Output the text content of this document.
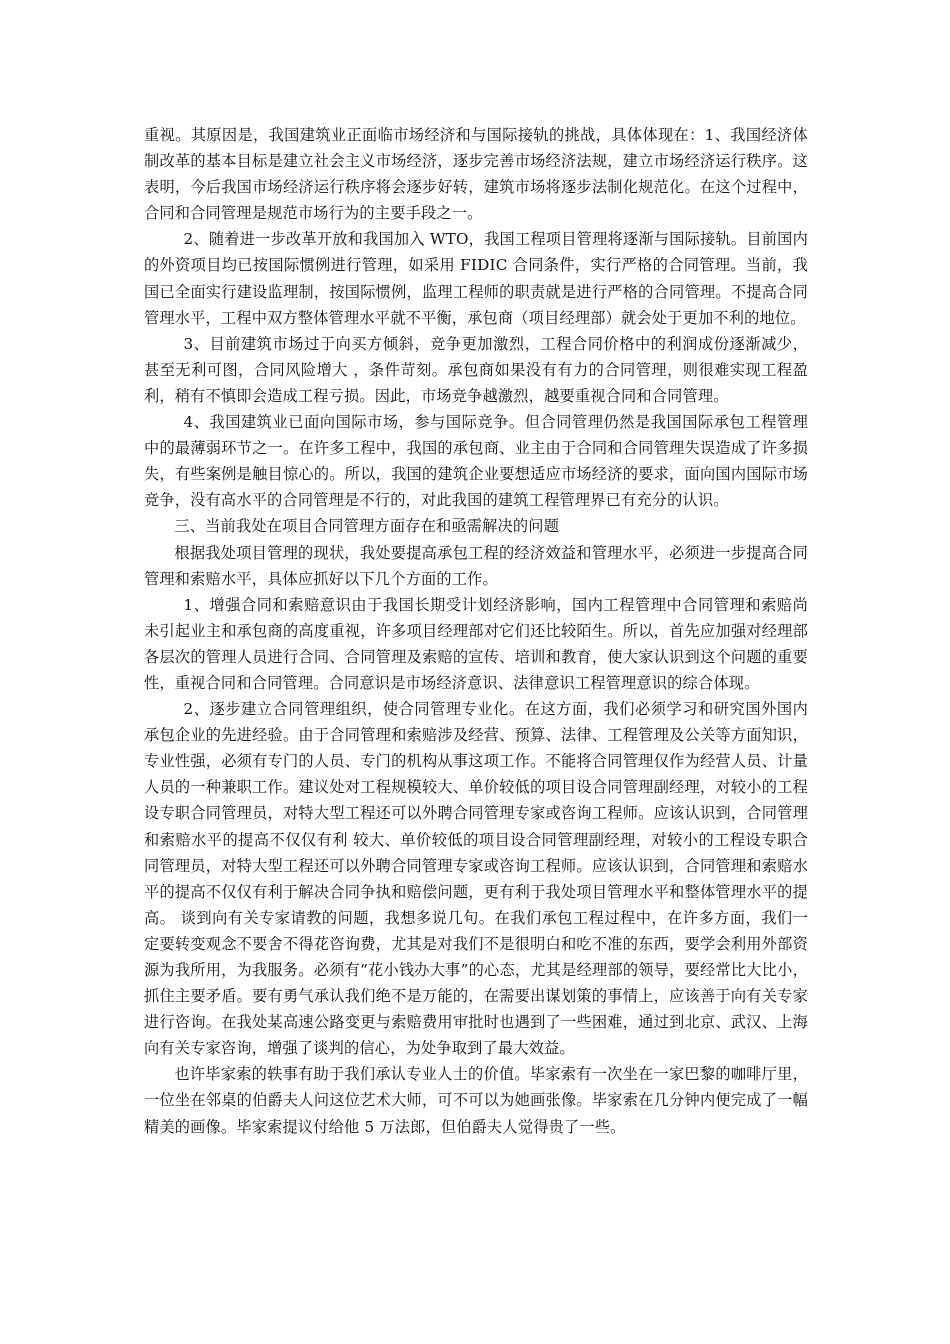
重视。其原因是，我国建筑业正面临市场经济和与国际接轨的挑战，具体体现在：1、我国经济体制改革的基本目标是建立社会主义市场经济，逐步完善市场经济法规，建立市场经济运行秩序。这表明，今后我国市场经济运行秩序将会逐步好转，建筑市场将逐步法制化规范化。在这个过程中，合同和合同管理是规范市场行为的主要手段之一。

2、随着进一步改革开放和我国加入 WTO，我国工程项目管理将逐渐与国际接轨。目前国内的外资项目均已按国际惯例进行管理，如采用 FIDIC 合同条件，实行严格的合同管理。当前，我国已全面实行建设监理制，按国际惯例，监理工程师的职责就是进行严格的合同管理。不提高合同管理水平，工程中双方整体管理水平就不平衡，承包商（项目经理部）就会处于更加不利的地位。

3、目前建筑市场过于向买方倾斜，竞争更加激烈，工程合同价格中的利润成份逐渐减少，甚至无利可图，合同风险增大 ，条件苛刻。承包商如果没有有力的合同管理，则很难实现工程盈利，稍有不慎即会造成工程亏损。因此，市场竞争越激烈，越要重视合同和合同管理。

4、我国建筑业已面向国际市场，参与国际竞争。但合同管理仍然是我国国际承包工程管理中的最薄弱环节之一。在许多工程中，我国的承包商、业主由于合同和合同管理失误造成了许多损失，有些案例是触目惊心的。所以，我国的建筑企业要想适应市场经济的要求，面向国内国际市场竞争，没有高水平的合同管理是不行的，对此我国的建筑工程管理界已有充分的认识。

三、当前我处在项目合同管理方面存在和亟需解决的问题

根据我处项目管理的现状，我处要提高承包工程的经济效益和管理水平，必须进一步提高合同管理和索赔水平，具体应抓好以下几个方面的工作。

1、增强合同和索赔意识由于我国长期受计划经济影响，国内工程管理中合同管理和索赔尚未引起业主和承包商的高度重视，许多项目经理部对它们还比较陌生。所以，首先应加强对经理部各层次的管理人员进行合同、合同管理及索赔的宣传、培训和教育，使大家认识到这个问题的重要性，重视合同和合同管理。合同意识是市场经济意识、法律意识工程管理意识的综合体现。

2、逐步建立合同管理组织，使合同管理专业化。在这方面，我们必须学习和研究国外国内承包企业的先进经验。由于合同管理和索赔涉及经营、预算、法律、工程管理及公关等方面知识，专业性强，必须有专门的人员、专门的机构从事这项工作。不能将合同管理仅作为经营人员、计量人员的一种兼职工作。建议处对工程规模较大、单价较低的项目设合同管理副经理，对较小的工程设专职合同管理员，对特大型工程还可以外聘合同管理专家或咨询工程师。应该认识到，合同管理和索赔水平的提高不仅仅有利 较大、单价较低的项目设合同管理副经理，对较小的工程设专职合同管理员，对特大型工程还可以外聘合同管理专家或咨询工程师。应该认识到，合同管理和索赔水平的提高不仅仅有利于解决合同争执和赔偿问题，更有利于我处项目管理水平和整体管理水平的提高。 谈到向有关专家请教的问题，我想多说几句。在我们承包工程过程中，在许多方面，我们一定要转变观念不要舍不得花咨询费，尤其是对我们不是很明白和吃不准的东西，要学会利用外部资源为我所用，为我服务。必须有“花小钱办大事”的心态，尤其是经理部的领导，要经常比大比小，抓住主要矛盾。要有勇气承认我们绝不是万能的，在需要出谋划策的事情上，应该善于向有关专家进行咨询。在我处某高速公路变更与索赔费用审批时也遇到了一些困难，通过到北京、武汉、上海向有关专家咨询，增强了谈判的信心，为处争取到了最大效益。

也许毕家索的轶事有助于我们承认专业人士的价值。毕家索有一次坐在一家巴黎的咖啡厅里，一位坐在邻桌的伯爵夫人问这位艺术大师，可不可以为她画张像。毕家索在几分钟内便完成了一幅精美的画像。毕家索提议付给他 5 万法郎，但伯爵夫人觉得贵了一些。
